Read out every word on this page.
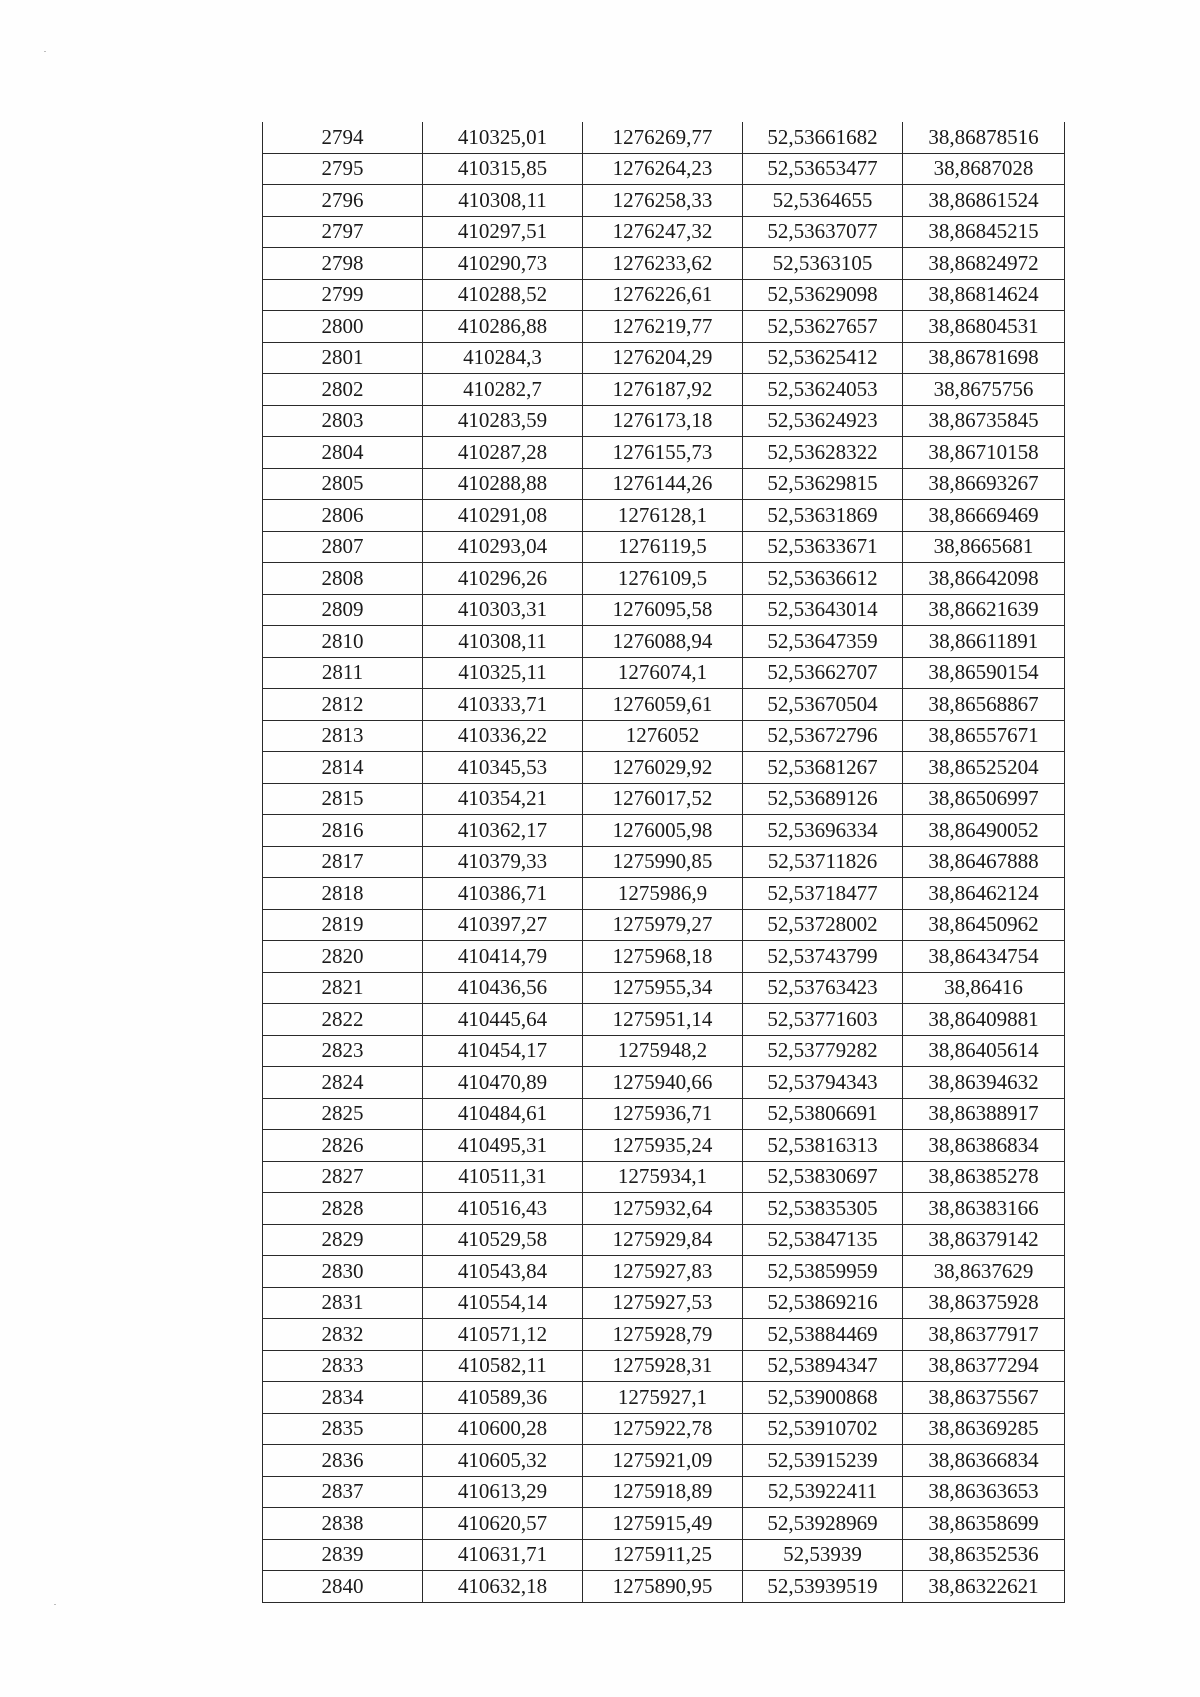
2794	410325,01	1276269,77	52,53661682	38,86878516
2795	410315,85	1276264,23	52,53653477	38,8687028
2796	410308,11	1276258,33	52,5364655	38,86861524
2797	410297,51	1276247,32	52,53637077	38,86845215
2798	410290,73	1276233,62	52,5363105	38,86824972
2799	410288,52	1276226,61	52,53629098	38,86814624
2800	410286,88	1276219,77	52,53627657	38,86804531
2801	410284,3	1276204,29	52,53625412	38,86781698
2802	410282,7	1276187,92	52,53624053	38,8675756
2803	410283,59	1276173,18	52,53624923	38,86735845
2804	410287,28	1276155,73	52,53628322	38,86710158
2805	410288,88	1276144,26	52,53629815	38,86693267
2806	410291,08	1276128,1	52,53631869	38,86669469
2807	410293,04	1276119,5	52,53633671	38,8665681
2808	410296,26	1276109,5	52,53636612	38,86642098
2809	410303,31	1276095,58	52,53643014	38,86621639
2810	410308,11	1276088,94	52,53647359	38,86611891
2811	410325,11	1276074,1	52,53662707	38,86590154
2812	410333,71	1276059,61	52,53670504	38,86568867
2813	410336,22	1276052	52,53672796	38,86557671
2814	410345,53	1276029,92	52,53681267	38,86525204
2815	410354,21	1276017,52	52,53689126	38,86506997
2816	410362,17	1276005,98	52,53696334	38,86490052
2817	410379,33	1275990,85	52,53711826	38,86467888
2818	410386,71	1275986,9	52,53718477	38,86462124
2819	410397,27	1275979,27	52,53728002	38,86450962
2820	410414,79	1275968,18	52,53743799	38,86434754
2821	410436,56	1275955,34	52,53763423	38,86416
2822	410445,64	1275951,14	52,53771603	38,86409881
2823	410454,17	1275948,2	52,53779282	38,86405614
2824	410470,89	1275940,66	52,53794343	38,86394632
2825	410484,61	1275936,71	52,53806691	38,86388917
2826	410495,31	1275935,24	52,53816313	38,86386834
2827	410511,31	1275934,1	52,53830697	38,86385278
2828	410516,43	1275932,64	52,53835305	38,86383166
2829	410529,58	1275929,84	52,53847135	38,86379142
2830	410543,84	1275927,83	52,53859959	38,8637629
2831	410554,14	1275927,53	52,53869216	38,86375928
2832	410571,12	1275928,79	52,53884469	38,86377917
2833	410582,11	1275928,31	52,53894347	38,86377294
2834	410589,36	1275927,1	52,53900868	38,86375567
2835	410600,28	1275922,78	52,53910702	38,86369285
2836	410605,32	1275921,09	52,53915239	38,86366834
2837	410613,29	1275918,89	52,53922411	38,86363653
2838	410620,57	1275915,49	52,53928969	38,86358699
2839	410631,71	1275911,25	52,53939	38,86352536
2840	410632,18	1275890,95	52,53939519	38,86322621
